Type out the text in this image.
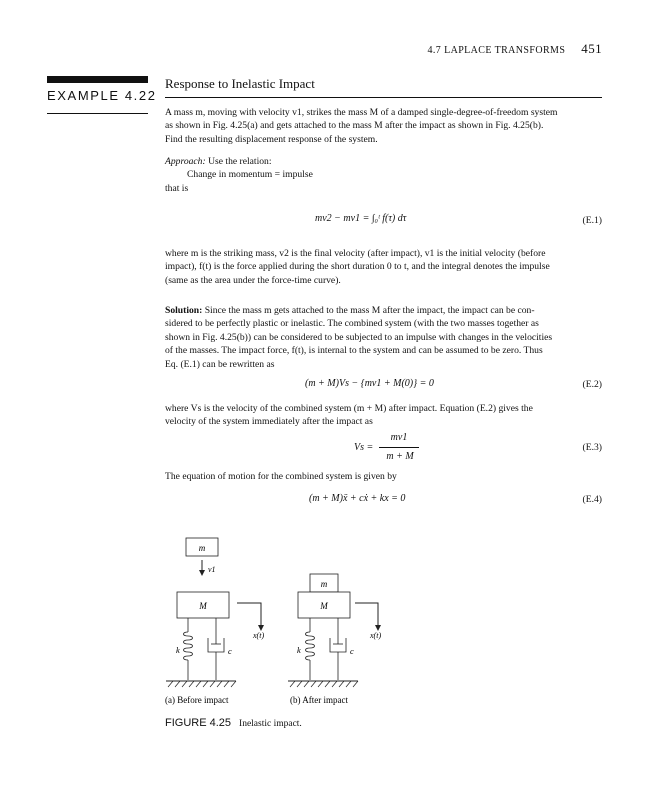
4.7 LAPLACE TRANSFORMS 451
EXAMPLE 4.22
Response to Inelastic Impact
A mass m, moving with velocity v1, strikes the mass M of a damped single-degree-of-freedom system
as shown in Fig. 4.25(a) and gets attached to the mass M after the impact as shown in Fig. 4.25(b).
Find the resulting displacement response of the system.
Approach: Use the relation:
Change in momentum = impulse
that is
mv2 − mv1 = ∫₀ᵗ f(τ) dτ	(E.1)
where m is the striking mass, v2 is the final velocity (after impact), v1 is the initial velocity (before
impact), f(t) is the force applied during the short duration 0 to t, and the integral denotes the impulse
(same as the area under the force-time curve).
Solution: Since the mass m gets attached to the mass M after the impact, the impact can be con-
sidered to be perfectly plastic or inelastic. The combined system (with the two masses together as
shown in Fig. 4.25(b)) can be considered to be subjected to an impulse with changes in the velocities
of the masses. The impact force, f(t), is internal to the system and can be assumed to be zero. Thus
Eq. (E.1) can be rewritten as
(m + M)Vs − {mv1 + M(0)} = 0	(E.2)
where Vs is the velocity of the combined system (m + M) after impact. Equation (E.2) gives the
velocity of the system immediately after the impact as
Vs =
mv1
m + M
(E.3)
The equation of motion for the combined system is given by
(m + M)ẍ + cẋ + kx = 0	(E.4)
m
v1
M
x(t)
k	c
(a) Before impact
m
M
x(t)
k	c
(b) After impact
FIGURE 4.25 Inelastic impact.
